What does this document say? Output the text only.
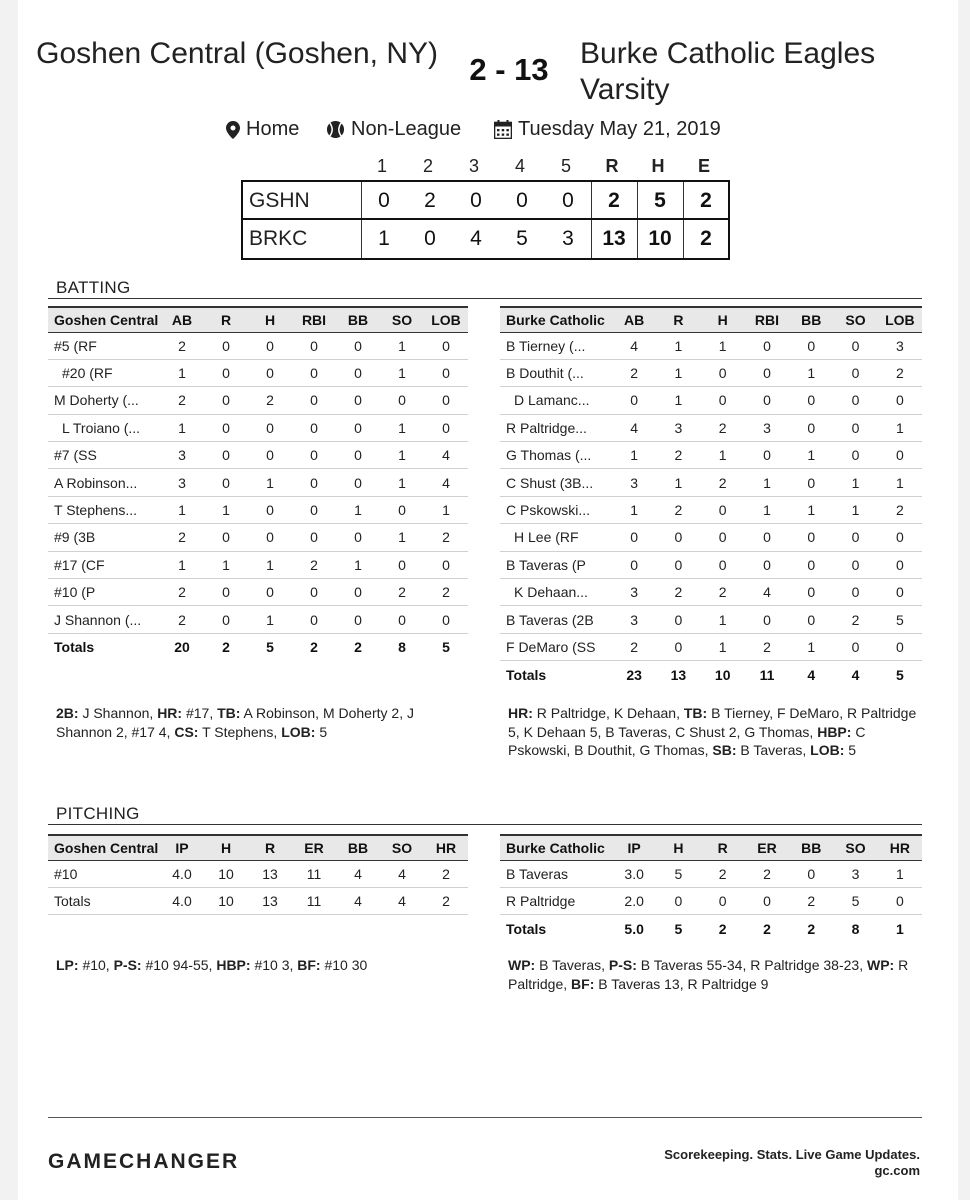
Goshen Central (Goshen, NY)	2 - 13	Burke Catholic Eagles Varsity
Home	Non-League	Tuesday May 21, 2019
1	2	3	4	5	R	H	E
GSHN	0	2	0	0	0	2	5	2
BRKC	1	0	4	5	3	13	10	2
BATTING
Goshen Central	AB	R	H	RBI	BB	SO	LOB
#5 (RF	2	0	0	0	0	1	0
#20 (RF	1	0	0	0	0	1	0
M Doherty (...	2	0	2	0	0	0	0
L Troiano (...	1	0	0	0	0	1	0
#7 (SS	3	0	0	0	0	1	4
A Robinson...	3	0	1	0	0	1	4
T Stephens...	1	1	0	0	1	0	1
#9 (3B	2	0	0	0	0	1	2
#17 (CF	1	1	1	2	1	0	0
#10 (P	2	0	0	0	0	2	2
J Shannon (...	2	0	1	0	0	0	0
Totals	20	2	5	2	2	8	5
Burke Catholic	AB	R	H	RBI	BB	SO	LOB
B Tierney (...	4	1	1	0	0	0	3
B Douthit (...	2	1	0	0	1	0	2
D Lamanc...	0	1	0	0	0	0	0
R Paltridge...	4	3	2	3	0	0	1
G Thomas (...	1	2	1	0	1	0	0
C Shust (3B...	3	1	2	1	0	1	1
C Pskowski...	1	2	0	1	1	1	2
H Lee (RF	0	0	0	0	0	0	0
B Taveras (P	0	0	0	0	0	0	0
K Dehaan...	3	2	2	4	0	0	0
B Taveras (2B	3	0	1	0	0	2	5
F DeMaro (SS	2	0	1	2	1	0	0
Totals	23	13	10	11	4	4	5
2B: J Shannon, HR: #17, TB: A Robinson, M Doherty 2, J Shannon 2, #17 4, CS: T Stephens, LOB: 5
HR: R Paltridge, K Dehaan, TB: B Tierney, F DeMaro, R Paltridge 5, K Dehaan 5, B Taveras, C Shust 2, G Thomas, HBP: C Pskowski, B Douthit, G Thomas, SB: B Taveras, LOB: 5
PITCHING
Goshen Central	IP	H	R	ER	BB	SO	HR
#10	4.0	10	13	11	4	4	2
Totals	4.0	10	13	11	4	4	2
Burke Catholic	IP	H	R	ER	BB	SO	HR
B Taveras	3.0	5	2	2	0	3	1
R Paltridge	2.0	0	0	0	2	5	0
Totals	5.0	5	2	2	2	8	1
LP: #10, P-S: #10 94-55, HBP: #10 3, BF: #10 30	WP: B Taveras, P-S: B Taveras 55-34, R Paltridge 38-23, WP: R Paltridge, BF: B Taveras 13, R Paltridge 9
GAMECHANGER	Scorekeeping. Stats. Live Game Updates.
gc.com
